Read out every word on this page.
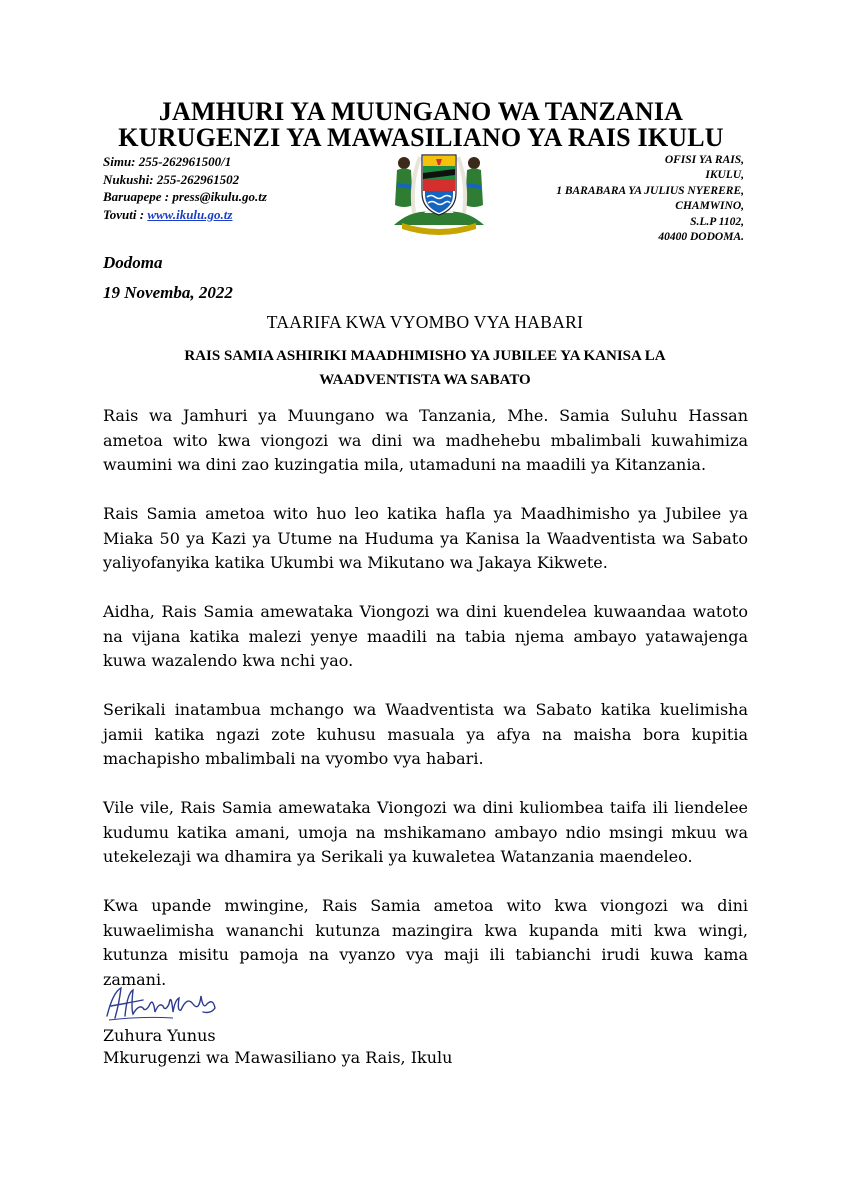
JAMHURI YA MUUNGANO WA TANZANIA
KURUGENZI YA MAWASILIANO YA RAIS IKULU
Simu: 255-262961500/1
Nukushi: 255-262961502
Baruapepe : press@ikulu.go.tz
Tovuti : www.ikulu.go.tz
OFISI YA RAIS,
IKULU,
1 BARABARA YA JULIUS NYERERE,
CHAMWINO,
S.L.P 1102,
40400 DODOMA.
Dodoma
19 Novemba, 2022
TAARIFA KWA VYOMBO VYA HABARI
RAIS SAMIA ASHIRIKI MAADHIMISHO YA JUBILEE YA KANISA LA WAADVENTISTA WA SABATO

Rais wa Jamhuri ya Muungano wa Tanzania, Mhe. Samia Suluhu Hassan ametoa wito kwa viongozi wa dini wa madhehebu mbalimbali kuwahimiza waumini wa dini zao kuzingatia mila, utamaduni na maadili ya Kitanzania.

Rais Samia ametoa wito huo leo katika hafla ya Maadhimisho ya Jubilee ya Miaka 50 ya Kazi ya Utume na Huduma ya Kanisa la Waadventista wa Sabato yaliyofanyika katika Ukumbi wa Mikutano wa Jakaya Kikwete.

Aidha, Rais Samia amewataka Viongozi wa dini kuendelea kuwaandaa watoto na vijana katika malezi yenye maadili na tabia njema ambayo yatawajenga kuwa wazalendo kwa nchi yao.

Serikali inatambua mchango wa Waadventista wa Sabato katika kuelimisha jamii katika ngazi zote kuhusu masuala ya afya na maisha bora kupitia machapisho mbalimbali na vyombo vya habari.

Vile vile, Rais Samia amewataka Viongozi wa dini kuliombea taifa ili liendelee kudumu katika amani, umoja na mshikamano ambayo ndio msingi mkuu wa utekelezaji wa dhamira ya Serikali ya kuwaletea Watanzania maendeleo.

Kwa upande mwingine, Rais Samia ametoa wito kwa viongozi wa dini kuwaelimisha wananchi kutunza mazingira kwa kupanda miti kwa wingi, kutunza misitu pamoja na vyanzo vya maji ili tabianchi irudi kuwa kama zamani.

Zuhura Yunus
Mkurugenzi wa Mawasiliano ya Rais, Ikulu
